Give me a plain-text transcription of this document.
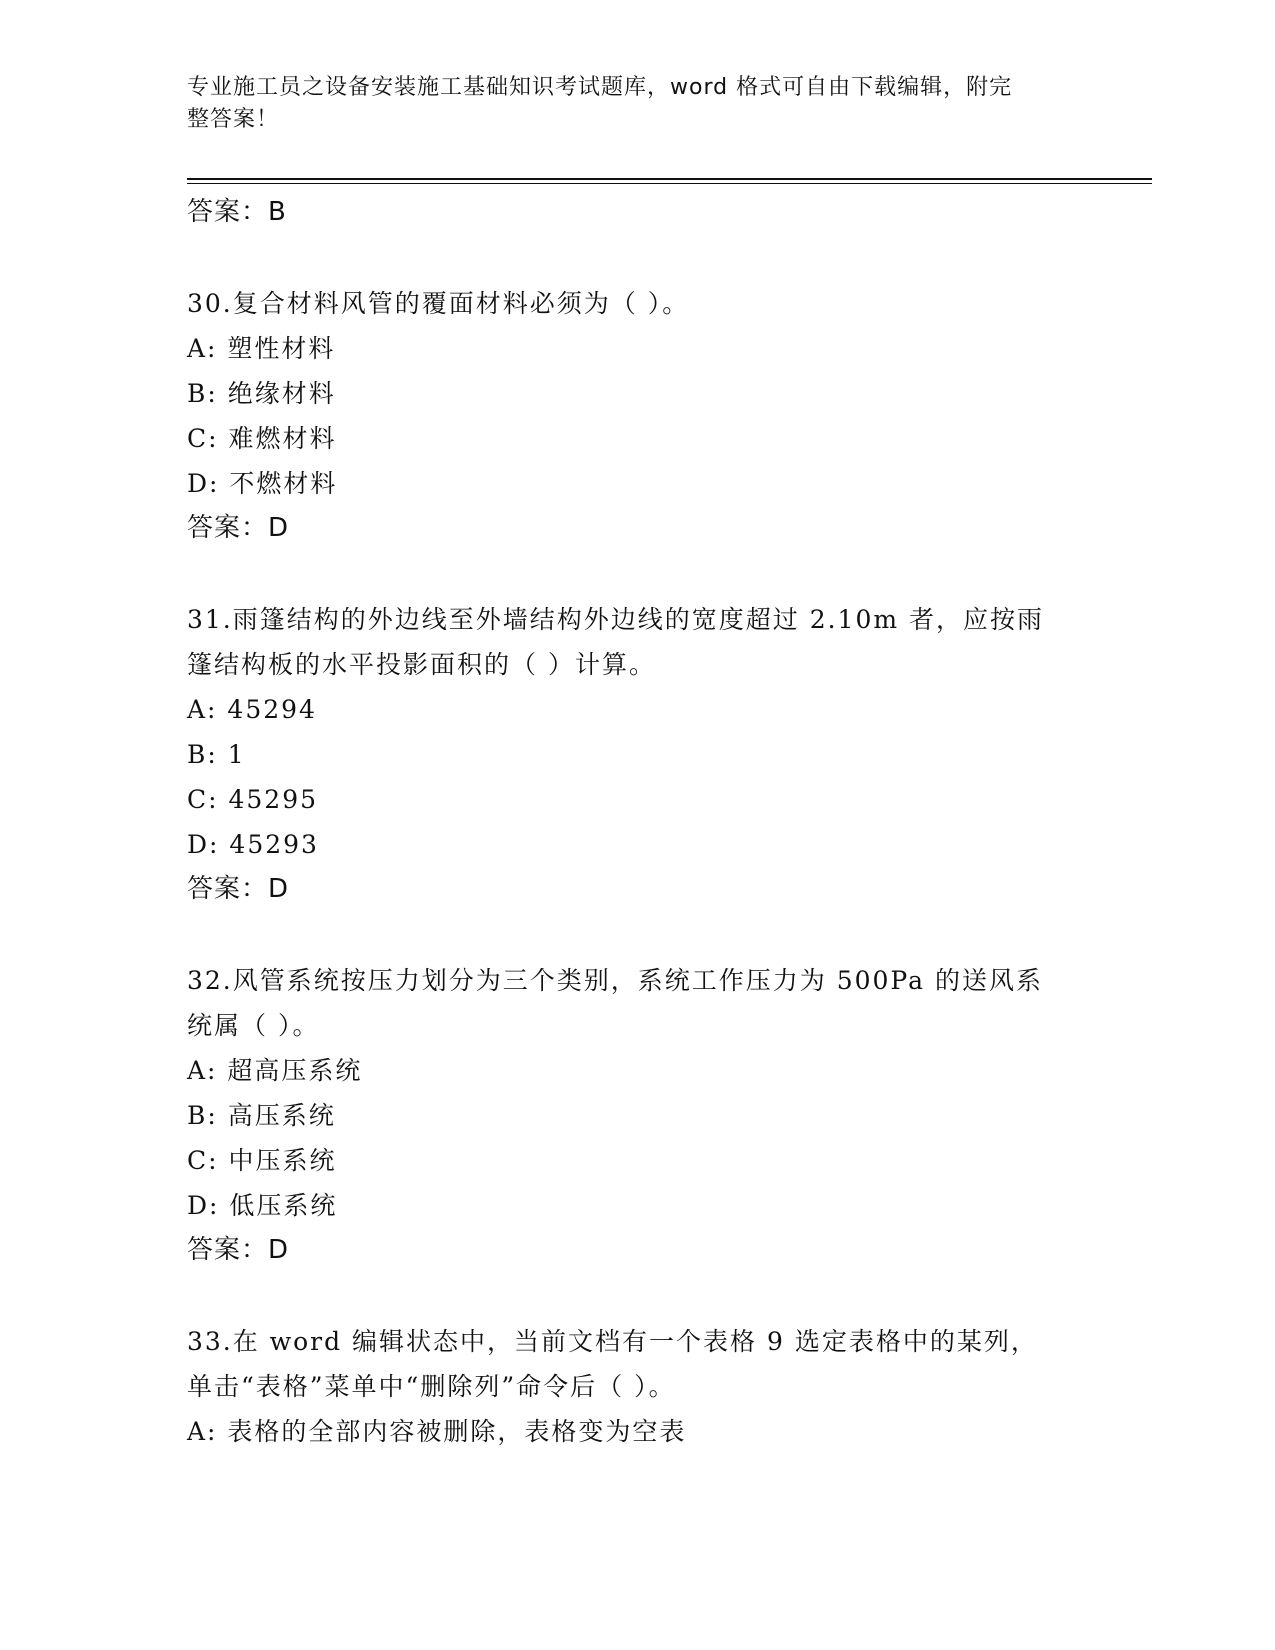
专业施工员之设备安装施工基础知识考试题库，word 格式可自由下载编辑，附完
整答案！

答案：B

30.复合材料风管的覆面材料必须为（ ）。

A: 塑性材料

B: 绝缘材料

C: 难燃材料

D: 不燃材料

答案：D

31.雨篷结构的外边线至外墙结构外边线的宽度超过 2.10m 者，应按雨

篷结构板的水平投影面积的（ ）计算。

A: 45294

B: 1

C: 45295

D: 45293

答案：D

32.风管系统按压力划分为三个类别，系统工作压力为 500Pa 的送风系

统属（ ）。

A: 超高压系统

B: 高压系统

C: 中压系统

D: 低压系统

答案：D

33.在 word 编辑状态中，当前文档有一个表格 9 选定表格中的某列，

单击“表格”菜单中“删除列”命令后（ ）。

A: 表格的全部内容被删除，表格变为空表
